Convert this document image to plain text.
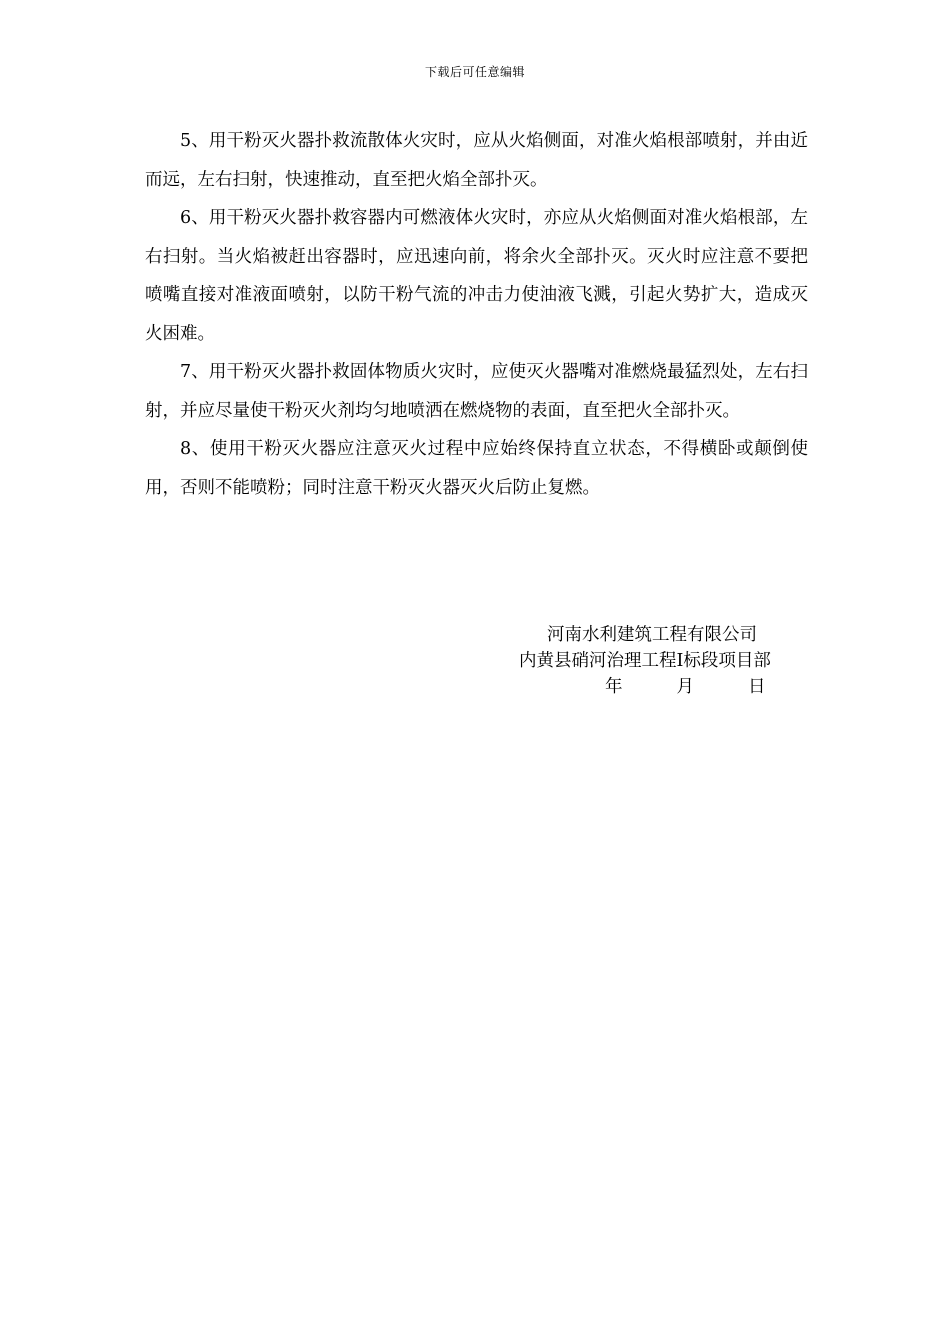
下载后可任意编辑

5、用干粉灭火器扑救流散体火灾时，应从火焰侧面，对准火焰根部喷射，并由近而远，左右扫射，快速推动，直至把火焰全部扑灭。

6、用干粉灭火器扑救容器内可燃液体火灾时，亦应从火焰侧面对准火焰根部，左右扫射。当火焰被赶出容器时，应迅速向前，将余火全部扑灭。灭火时应注意不要把喷嘴直接对准液面喷射，以防干粉气流的冲击力使油液飞溅，引起火势扩大，造成灭火困难。

7、用干粉灭火器扑救固体物质火灾时，应使灭火器嘴对准燃烧最猛烈处，左右扫射，并应尽量使干粉灭火剂均匀地喷洒在燃烧物的表面，直至把火全部扑灭。

8、使用干粉灭火器应注意灭火过程中应始终保持直立状态，不得横卧或颠倒使用，否则不能喷粉；同时注意干粉灭火器灭火后防止复燃。

河南水利建筑工程有限公司
内黄县硝河治理工程Ⅰ标段项目部
年	月	日
